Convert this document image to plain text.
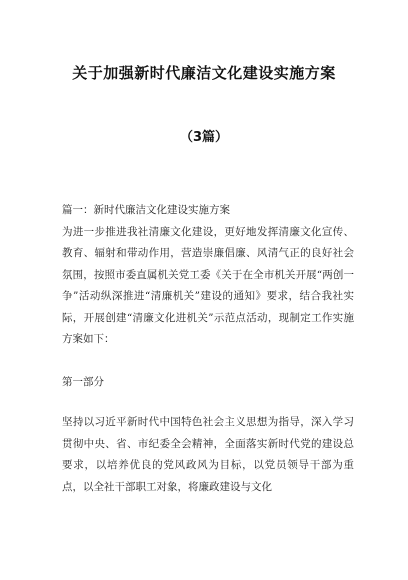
关于加强新时代廉洁文化建设实施方案
（3篇）

篇一：新时代廉洁文化建设实施方案

为进一步推进我社清廉文化建设，更好地发挥清廉文化宣传、教育、辐射和带动作用，营造崇廉倡廉、风清气正的良好社会氛围，按照市委直属机关党工委《关于在全市机关开展“两创一争”活动纵深推进“清廉机关”建设的通知》要求，结合我社实际，开展创建“清廉文化进机关”示范点活动，现制定工作实施方案如下：

第一部分

坚持以习近平新时代中国特色社会主义思想为指导，深入学习贯彻中央、省、市纪委全会精神，全面落实新时代党的建设总要求，以培养优良的党风政风为目标，以党员领导干部为重点，以全社干部职工对象，将廉政建设与文化
